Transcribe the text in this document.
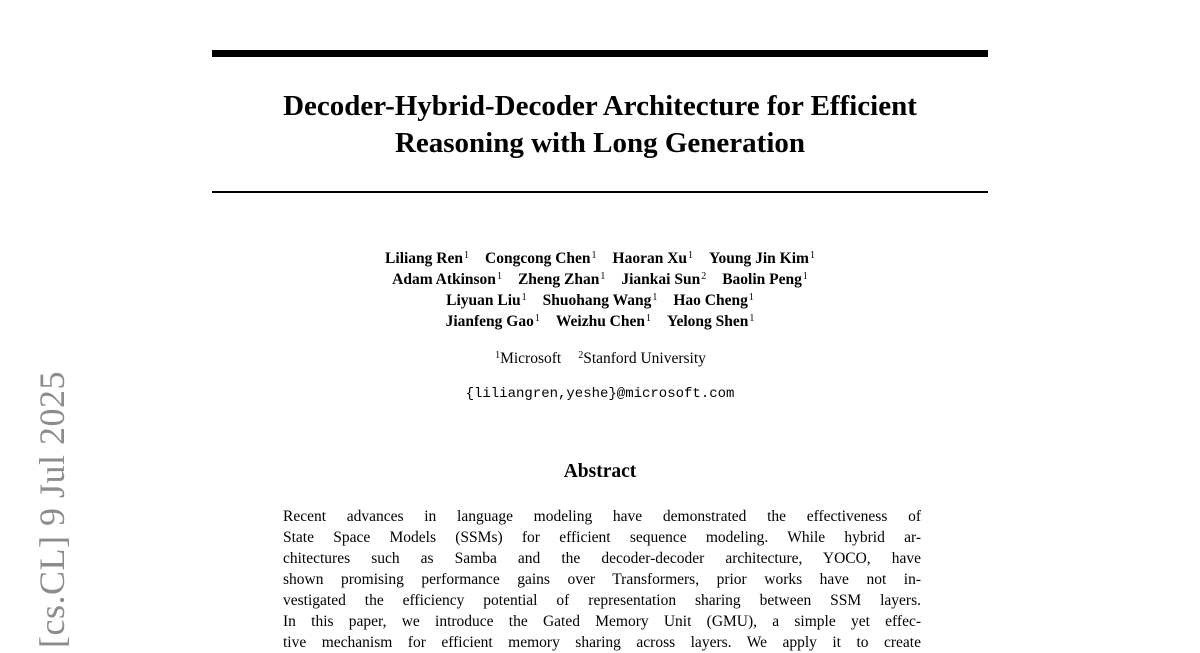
Decoder-Hybrid-Decoder Architecture for Efficient
Reasoning with Long Generation
Liliang Ren$^1$ Congcong Chen$^1$ Haoran Xu$^1$ Young Jin Kim$^1$
Adam Atkinson$^1$ Zheng Zhan$^1$ Jiankai Sun$^2$ Baolin Peng$^1$
Liyuan Liu$^1$ Shuohang Wang$^1$ Hao Cheng$^1$
Jianfeng Gao$^1$ Weizhu Chen$^1$ Yelong Shen$^1$
$^1$Microsoft $^2$Stanford University
{liliangren,yeshe}@microsoft.com
Abstract
Recent advances in language modeling have demonstrated the effectiveness of
State Space Models (SSMs) for efficient sequence modeling. While hybrid ar-
chitectures such as Samba and the decoder-decoder architecture, YOCO, have
shown promising performance gains over Transformers, prior works have not in-
vestigated the efficiency potential of representation sharing between SSM layers.
In this paper, we introduce the Gated Memory Unit (GMU), a simple yet effec-
tive mechanism for efficient memory sharing across layers. We apply it to create
[cs.CL] 9 Jul 2025
